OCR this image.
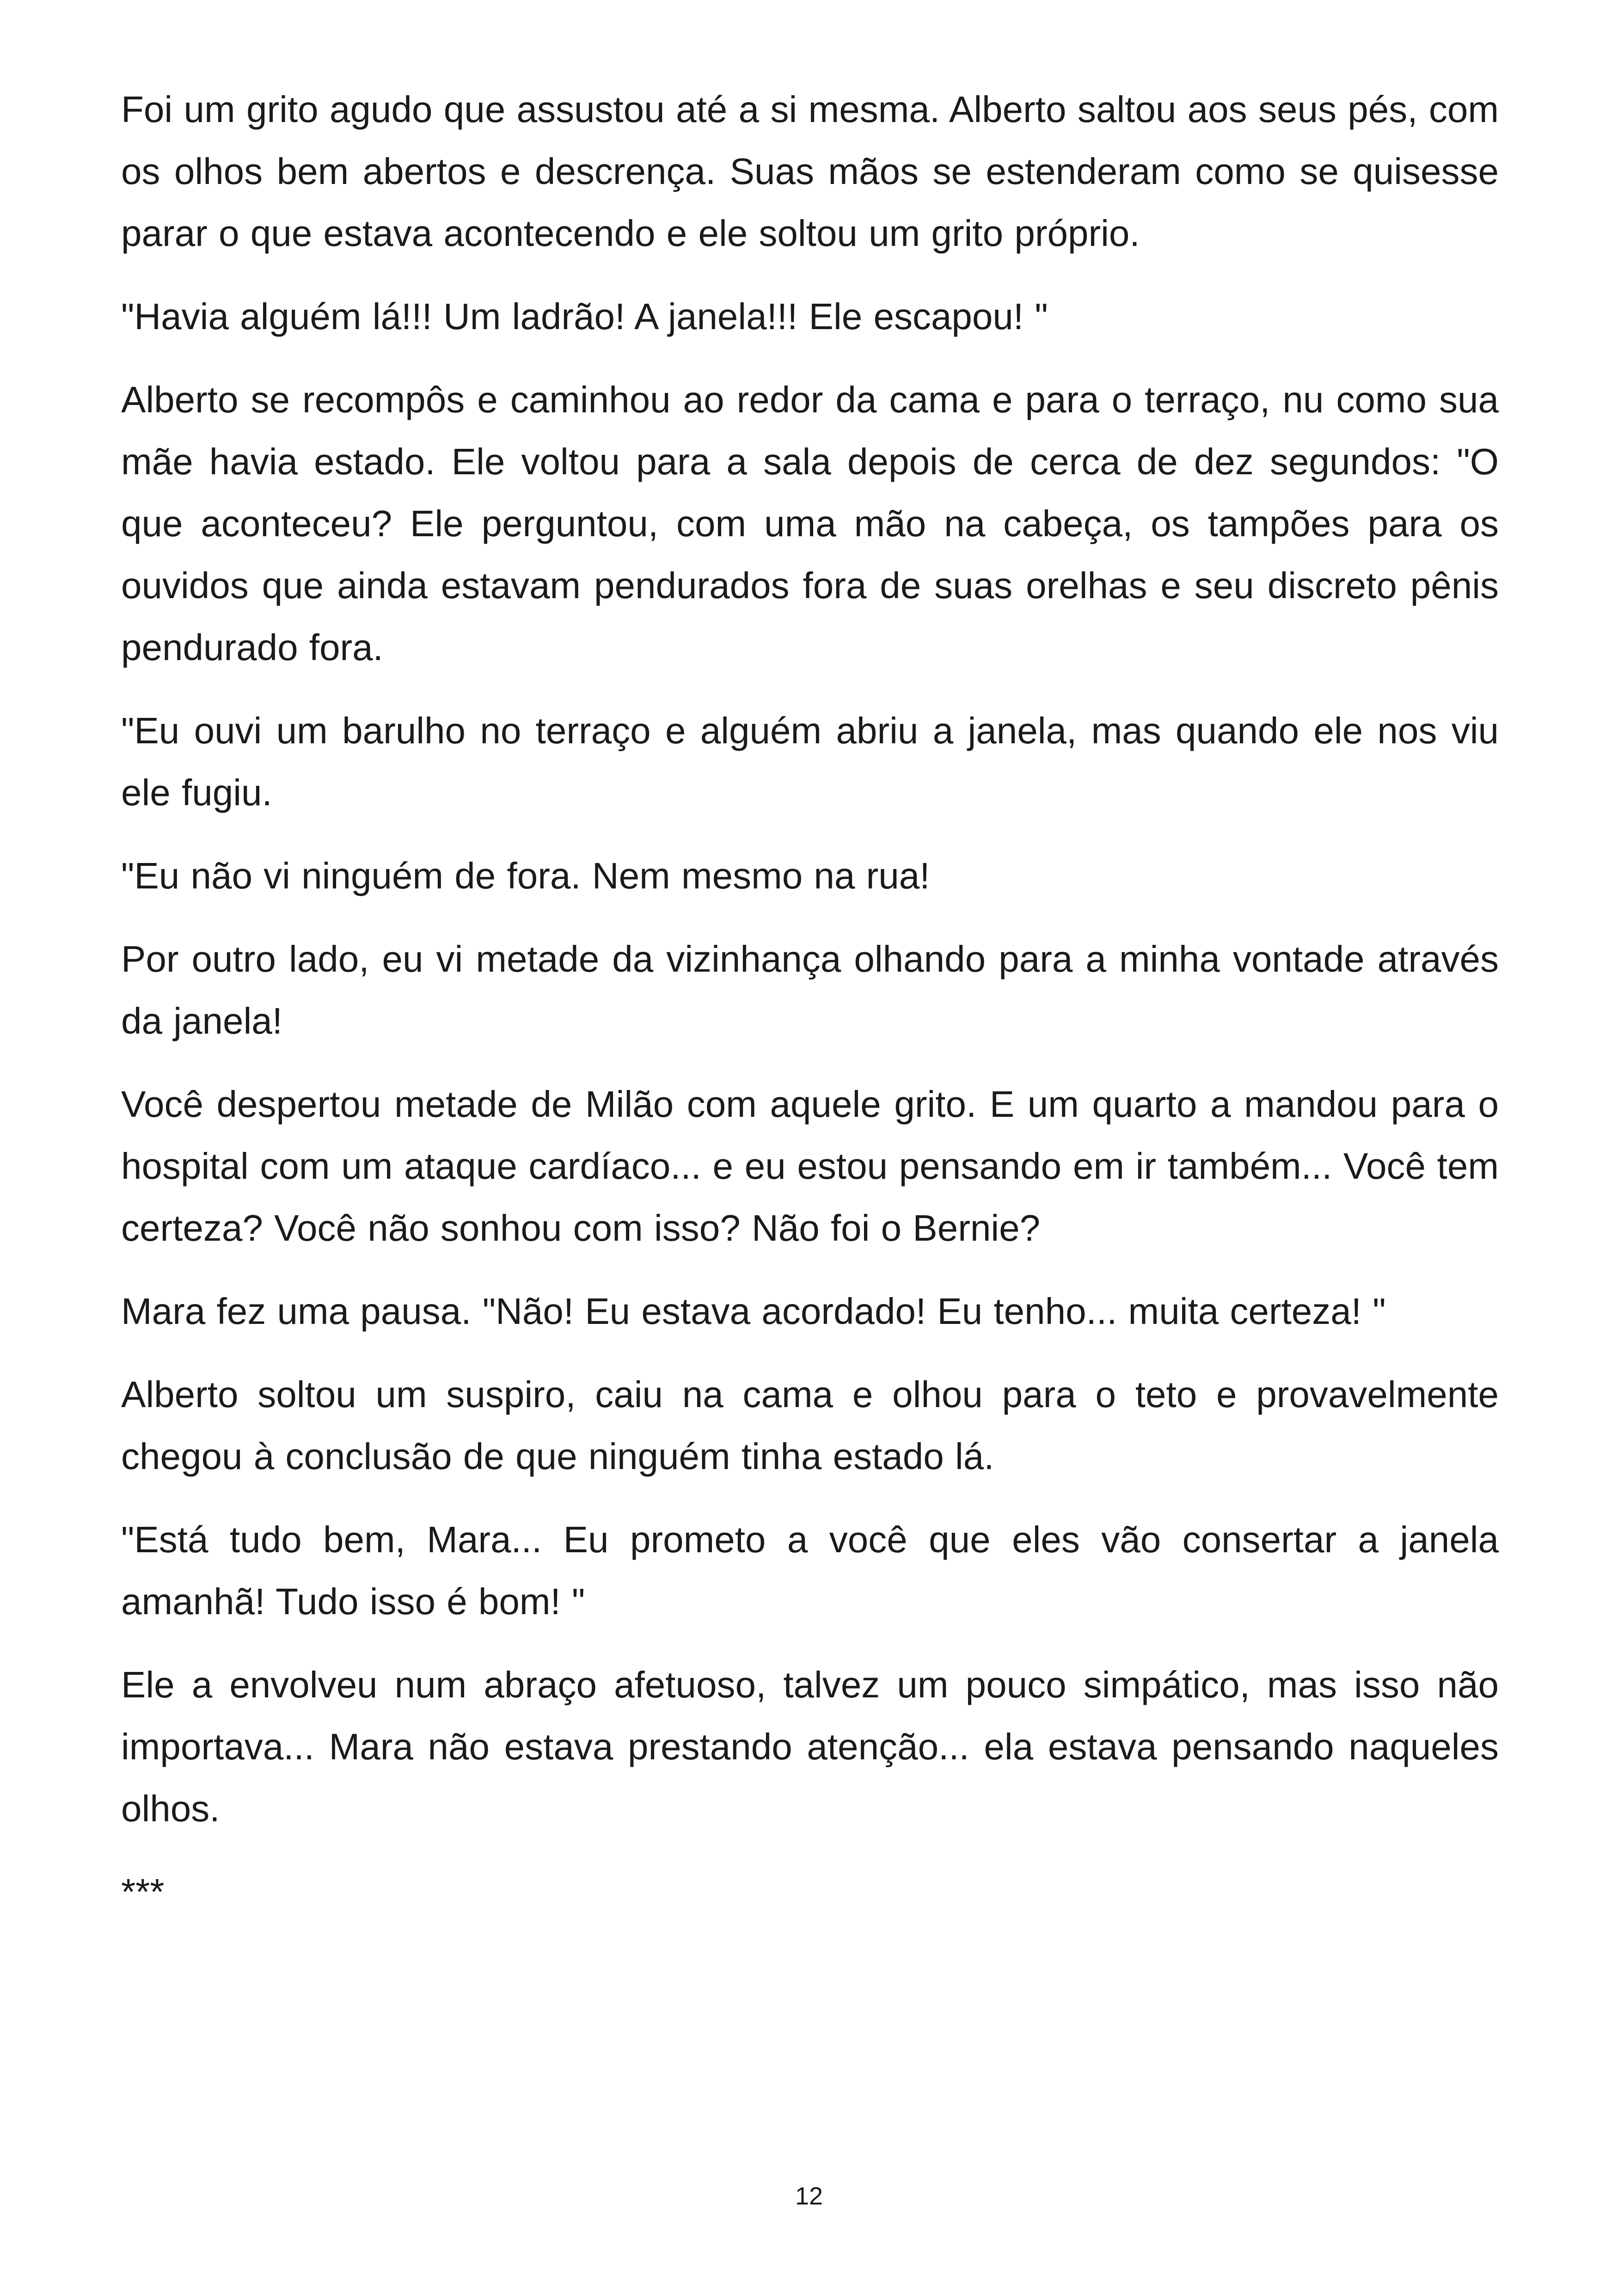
Foi um grito agudo que assustou até a si mesma. Alberto saltou aos seus pés, com os olhos bem abertos e descrença. Suas mãos se estenderam como se quisesse parar o que estava acontecendo e ele soltou um grito próprio.

"Havia alguém lá!!! Um ladrão! A janela!!! Ele escapou! "

Alberto se recompôs e caminhou ao redor da cama e para o terraço, nu como sua mãe havia estado. Ele voltou para a sala depois de cerca de dez segundos: "O que aconteceu? Ele perguntou, com uma mão na cabeça, os tampões para os ouvidos que ainda estavam pendurados fora de suas orelhas e seu discreto pênis pendurado fora.

"Eu ouvi um barulho no terraço e alguém abriu a janela, mas quando ele nos viu ele fugiu.

"Eu não vi ninguém de fora. Nem mesmo na rua!

Por outro lado, eu vi metade da vizinhança olhando para a minha vontade através da janela!

Você despertou metade de Milão com aquele grito. E um quarto a mandou para o hospital com um ataque cardíaco... e eu estou pensando em ir também... Você tem certeza? Você não sonhou com isso? Não foi o Bernie?

Mara fez uma pausa. "Não! Eu estava acordado! Eu tenho... muita certeza! "

Alberto soltou um suspiro, caiu na cama e olhou para o teto e provavelmente chegou à conclusão de que ninguém tinha estado lá.

"Está tudo bem, Mara... Eu prometo a você que eles vão consertar a janela amanhã! Tudo isso é bom! "

Ele a envolveu num abraço afetuoso, talvez um pouco simpático, mas isso não importava... Mara não estava prestando atenção... ela estava pensando naqueles olhos.

***

12
